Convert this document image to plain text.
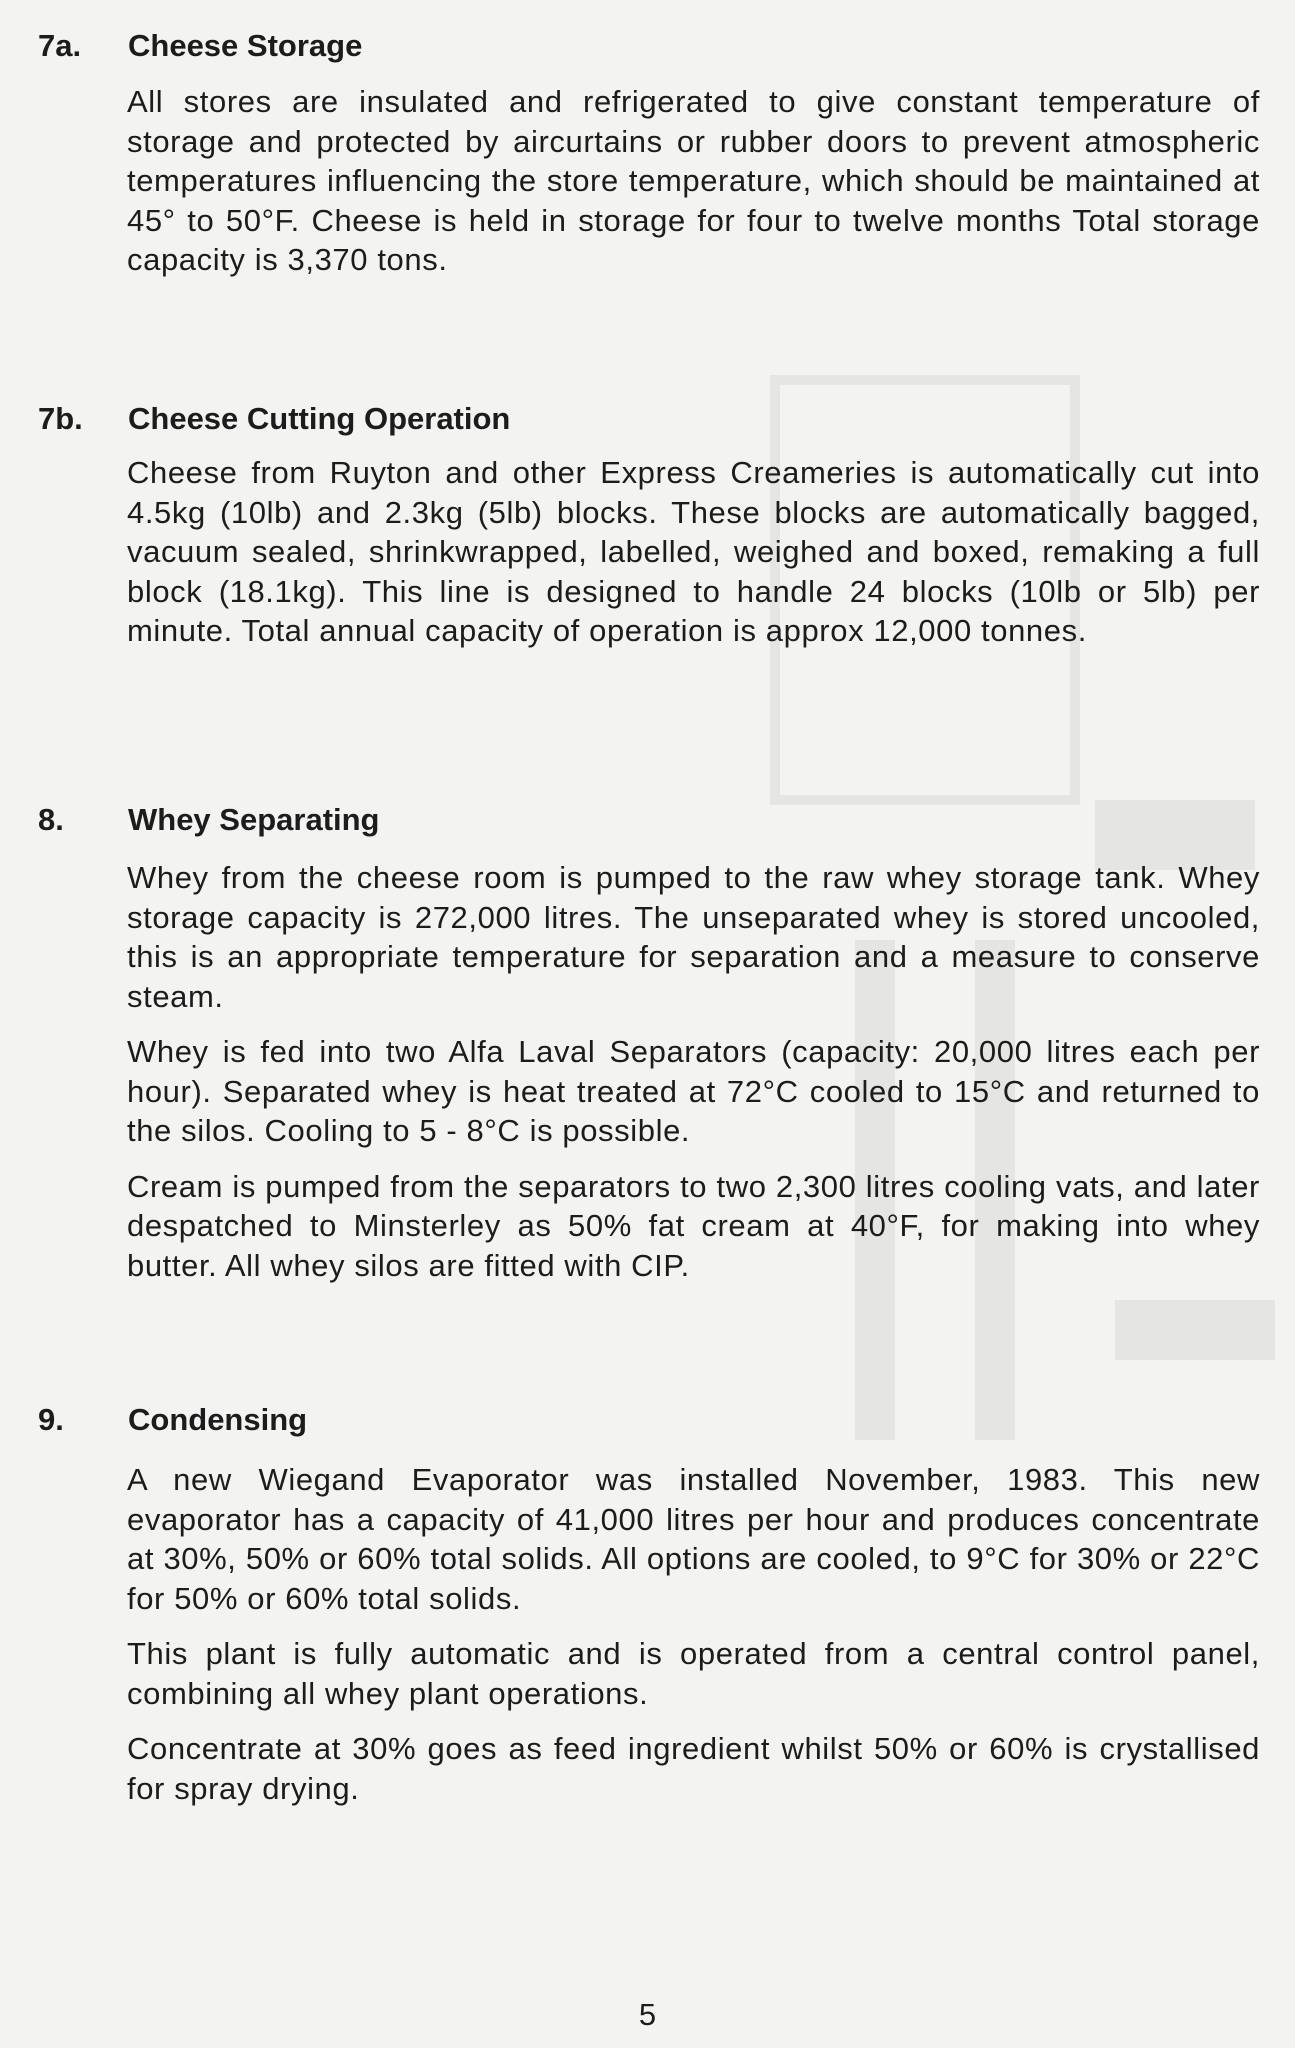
7a. Cheese Storage

All stores are insulated and refrigerated to give constant temperature of storage and protected by aircurtains or rubber doors to prevent atmospheric temperatures influencing the store temperature, which should be maintained at 45° to 50°F. Cheese is held in storage for four to twelve months Total storage capacity is 3,370 tons.

7b. Cheese Cutting Operation

Cheese from Ruyton and other Express Creameries is automatically cut into 4.5kg (10lb) and 2.3kg (5lb) blocks. These blocks are automatically bagged, vacuum sealed, shrinkwrapped, labelled, weighed and boxed, remaking a full block (18.1kg). This line is designed to handle 24 blocks (10lb or 5lb) per minute. Total annual capacity of operation is approx 12,000 tonnes.

8. Whey Separating

Whey from the cheese room is pumped to the raw whey storage tank. Whey storage capacity is 272,000 litres. The unseparated whey is stored uncooled, this is an appropriate temperature for separation and a measure to conserve steam.

Whey is fed into two Alfa Laval Separators (capacity: 20,000 litres each per hour). Separated whey is heat treated at 72°C cooled to 15°C and returned to the silos. Cooling to 5 - 8°C is possible.

Cream is pumped from the separators to two 2,300 litres cooling vats, and later despatched to Minsterley as 50% fat cream at 40°F, for making into whey butter. All whey silos are fitted with CIP.

9. Condensing

A new Wiegand Evaporator was installed November, 1983. This new evaporator has a capacity of 41,000 litres per hour and produces concentrate at 30%, 50% or 60% total solids. All options are cooled, to 9°C for 30% or 22°C for 50% or 60% total solids.

This plant is fully automatic and is operated from a central control panel, combining all whey plant operations.

Concentrate at 30% goes as feed ingredient whilst 50% or 60% is crystallised for spray drying.

5
